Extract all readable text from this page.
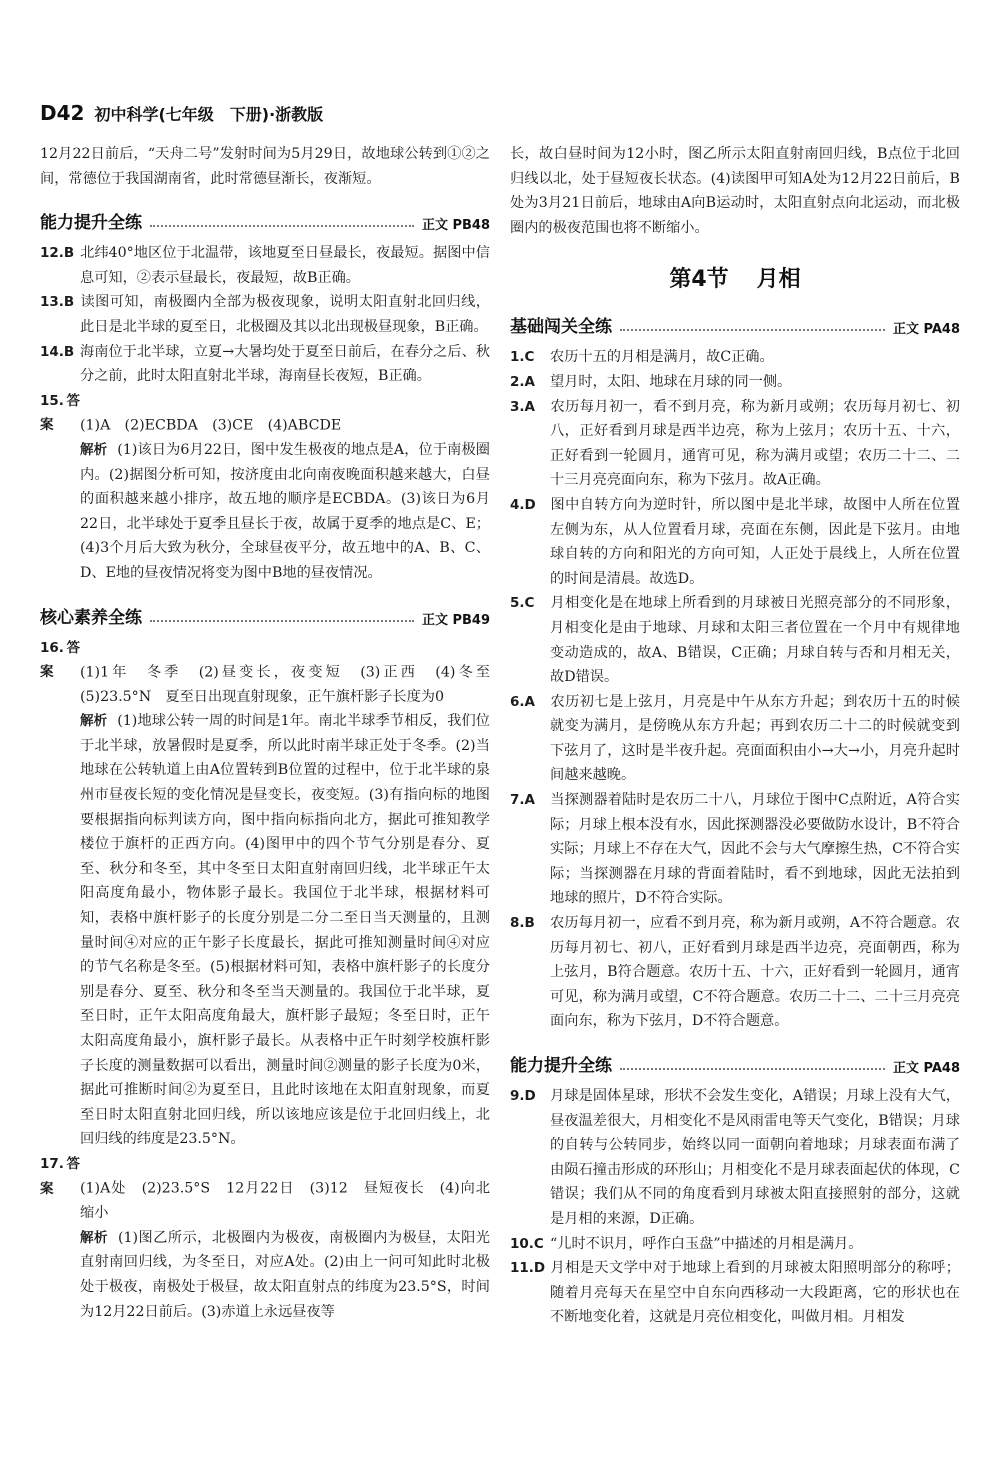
D42 初中科学(七年级　下册)·浙教版

12月22日前后，“天舟二号”发射时间为5月29日，故地球公转到①②之间，常德位于我国湖南省，此时常德昼渐长，夜渐短。

能力提升全练	正文 PB48
12.B 北纬40°地区位于北温带，该地夏至日昼最长，夜最短。据图中信息可知，②表示昼最长，夜最短，故B正确。
13.B 读图可知，南极圈内全部为极夜现象，说明太阳直射北回归线，此日是北半球的夏至日，北极圈及其以北出现极昼现象，B正确。
14.B 海南位于北半球，立夏→大暑均处于夏至日前后，在春分之后、秋分之前，此时太阳直射北半球，海南昼长夜短，B正确。
15.答案 (1)A　(2)ECBDA　(3)CE　(4)ABCDE
解析 (1)该日为6月22日，图中发生极夜的地点是A，位于南极圈内。(2)据图分析可知，按济度由北向南夜晚面积越来越大，白昼的面积越来越小排序，故五地的顺序是ECBDA。(3)该日为6月22日，北半球处于夏季且昼长于夜，故属于夏季的地点是C、E；(4)3个月后大致为秋分，全球昼夜平分，故五地中的A、B、C、D、E地的昼夜情况将变为图中B地的昼夜情况。
核心素养全练	正文 PB49
16.答案 (1)1年　冬季　(2)昼变长，夜变短　(3)正西　(4)冬至　(5)23.5°N　夏至日出现直射现象，正午旗杆影子长度为0
解析 (1)地球公转一周的时间是1年。南北半球季节相反，我们位于北半球，放暑假时是夏季，所以此时南半球正处于冬季。(2)当地球在公转轨道上由A位置转到B位置的过程中，位于北半球的泉州市昼夜长短的变化情况是昼变长，夜变短。(3)有指向标的地图要根据指向标判读方向，图中指向标指向北方，据此可推知教学楼位于旗杆的正西方向。(4)图甲中的四个节气分别是春分、夏至、秋分和冬至，其中冬至日太阳直射南回归线，北半球正午太阳高度角最小，物体影子最长。我国位于北半球，根据材料可知，表格中旗杆影子的长度分别是二分二至日当天测量的，且测量时间④对应的正午影子长度最长，据此可推知测量时间④对应的节气名称是冬至。(5)根据材料可知，表格中旗杆影子的长度分别是春分、夏至、秋分和冬至当天测量的。我国位于北半球，夏至日时，正午太阳高度角最大，旗杆影子最短；冬至日时，正午太阳高度角最小，旗杆影子最长。从表格中正午时刻学校旗杆影子长度的测量数据可以看出，测量时间②测量的影子长度为0米，据此可推断时间②为夏至日，且此时该地在太阳直射现象，而夏至日时太阳直射北回归线，所以该地应该是位于北回归线上，北回归线的纬度是23.5°N。
17.答案 (1)A处　(2)23.5°S　12月22日　(3)12　昼短夜长　(4)向北　缩小
解析 (1)图乙所示，北极圈内为极夜，南极圈内为极昼，太阳光直射南回归线，为冬至日，对应A处。(2)由上一问可知此时北极处于极夜，南极处于极昼，故太阳直射点的纬度为23.5°S，时间为12月22日前后。(3)赤道上永远昼夜等

长，故白昼时间为12小时，图乙所示太阳直射南回归线，B点位于北回归线以北，处于昼短夜长状态。(4)读图甲可知A处为12月22日前后，B处为3月21日前后，地球由A向B运动时，太阳直射点向北运动，而北极圈内的极夜范围也将不断缩小。

第4节 月相
基础闯关全练	正文 PA48
1.C 农历十五的月相是满月，故C正确。
2.A 望月时，太阳、地球在月球的同一侧。
3.A 农历每月初一，看不到月亮，称为新月或朔；农历每月初七、初八，正好看到月球是西半边亮，称为上弦月；农历十五、十六，正好看到一轮圆月，通宵可见，称为满月或望；农历二十二、二十三月亮亮面向东，称为下弦月。故A正确。
4.D 图中自转方向为逆时针，所以图中是北半球，故图中人所在位置左侧为东，从人位置看月球，亮面在东侧，因此是下弦月。由地球自转的方向和阳光的方向可知，人正处于晨线上，人所在位置的时间是清晨。故选D。
5.C 月相变化是在地球上所看到的月球被日光照亮部分的不同形象，月相变化是由于地球、月球和太阳三者位置在一个月中有规律地变动造成的，故A、B错误，C正确；月球自转与否和月相无关，故D错误。
6.A 农历初七是上弦月，月亮是中午从东方升起；到农历十五的时候就变为满月，是傍晚从东方升起；再到农历二十二的时候就变到下弦月了，这时是半夜升起。亮面面积由小→大→小，月亮升起时间越来越晚。
7.A 当探测器着陆时是农历二十八，月球位于图中C点附近，A符合实际；月球上根本没有水，因此探测器没必要做防水设计，B不符合实际；月球上不存在大气，因此不会与大气摩擦生热，C不符合实际；当探测器在月球的背面着陆时，看不到地球，因此无法拍到地球的照片，D不符合实际。
8.B 农历每月初一，应看不到月亮，称为新月或朔，A不符合题意。农历每月初七、初八，正好看到月球是西半边亮，亮面朝西，称为上弦月，B符合题意。农历十五、十六，正好看到一轮圆月，通宵可见，称为满月或望，C不符合题意。农历二十二、二十三月亮亮面向东，称为下弦月，D不符合题意。
能力提升全练	正文 PA48
9.D 月球是固体星球，形状不会发生变化，A错误；月球上没有大气，昼夜温差很大，月相变化不是风雨雷电等天气变化，B错误；月球的自转与公转同步，始终以同一面朝向着地球；月球表面布满了由陨石撞击形成的环形山；月相变化不是月球表面起伏的体现，C错误；我们从不同的角度看到月球被太阳直接照射的部分，这就是月相的来源，D正确。
10.C “儿时不识月，呼作白玉盘”中描述的月相是满月。
11.D 月相是天文学中对于地球上看到的月球被太阳照明部分的称呼；随着月亮每天在星空中自东向西移动一大段距离，它的形状也在不断地变化着，这就是月亮位相变化，叫做月相。月相发
